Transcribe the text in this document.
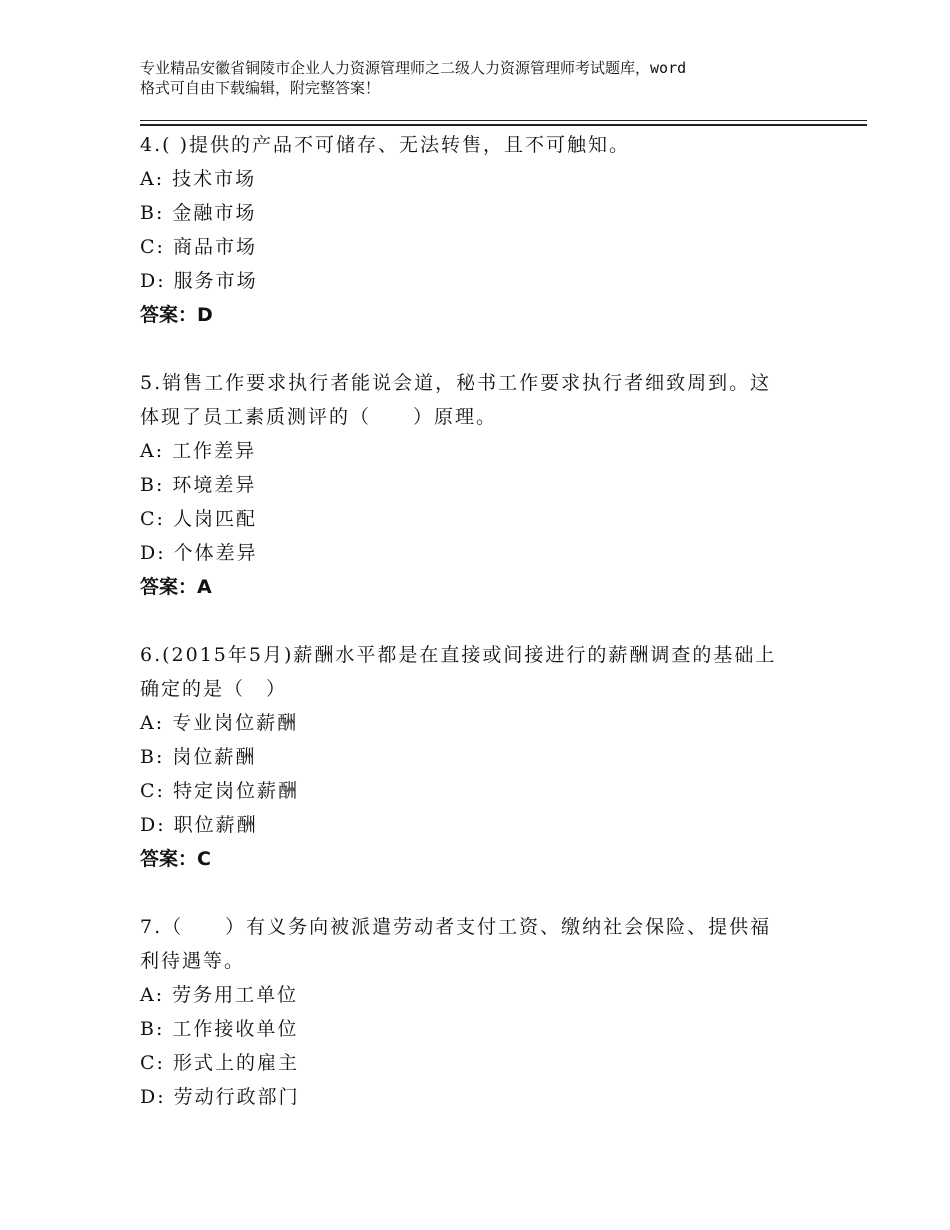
专业精品安徽省铜陵市企业人力资源管理师之二级人力资源管理师考试题库，word
格式可自由下载编辑，附完整答案！
4.( )提供的产品不可储存、无法转售，且不可触知。
A: 技术市场
B: 金融市场
C: 商品市场
D: 服务市场
答案：D
5.销售工作要求执行者能说会道，秘书工作要求执行者细致周到。这
体现了员工素质测评的（　　）原理。
A: 工作差异
B: 环境差异
C: 人岗匹配
D: 个体差异
答案：A
6.(2015年5月)薪酬水平都是在直接或间接进行的薪酬调查的基础上
确定的是（　）
A: 专业岗位薪酬
B: 岗位薪酬
C: 特定岗位薪酬
D: 职位薪酬
答案：C
7.（　　）有义务向被派遣劳动者支付工资、缴纳社会保险、提供福
利待遇等。
A: 劳务用工单位
B: 工作接收单位
C: 形式上的雇主
D: 劳动行政部门
